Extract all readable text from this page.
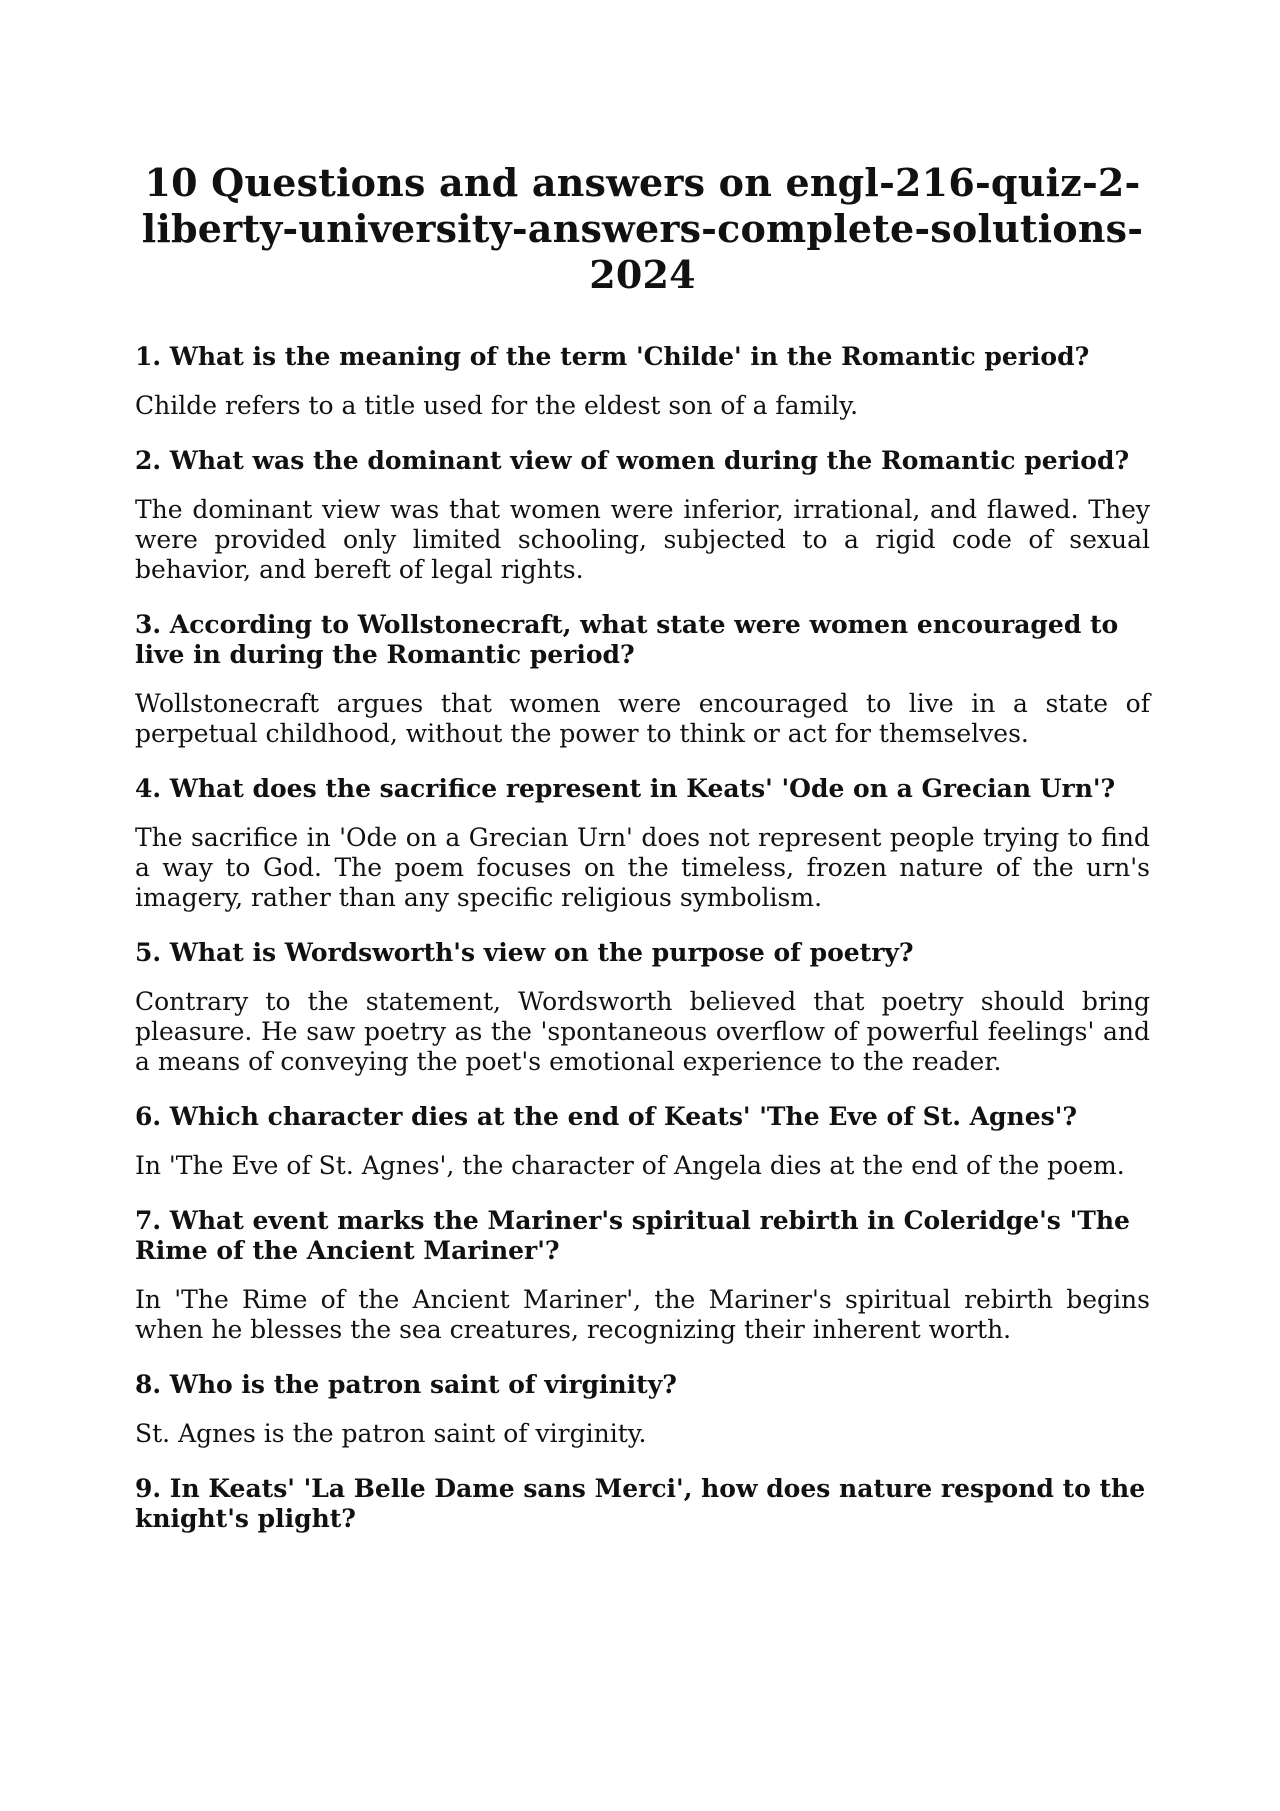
10 Questions and answers on engl-216-quiz-2-liberty-university-answers-complete-solutions-2024

1. What is the meaning of the term 'Childe' in the Romantic period?

Childe refers to a title used for the eldest son of a family.

2. What was the dominant view of women during the Romantic period?

The dominant view was that women were inferior, irrational, and flawed. They were provided only limited schooling, subjected to a rigid code of sexual behavior, and bereft of legal rights.

3. According to Wollstonecraft, what state were women encouraged to live in during the Romantic period?

Wollstonecraft argues that women were encouraged to live in a state of perpetual childhood, without the power to think or act for themselves.

4. What does the sacrifice represent in Keats' 'Ode on a Grecian Urn'?

The sacrifice in 'Ode on a Grecian Urn' does not represent people trying to find a way to God. The poem focuses on the timeless, frozen nature of the urn's imagery, rather than any specific religious symbolism.

5. What is Wordsworth's view on the purpose of poetry?

Contrary to the statement, Wordsworth believed that poetry should bring pleasure. He saw poetry as the 'spontaneous overflow of powerful feelings' and a means of conveying the poet's emotional experience to the reader.

6. Which character dies at the end of Keats' 'The Eve of St. Agnes'?

In 'The Eve of St. Agnes', the character of Angela dies at the end of the poem.

7. What event marks the Mariner's spiritual rebirth in Coleridge's 'The Rime of the Ancient Mariner'?

In 'The Rime of the Ancient Mariner', the Mariner's spiritual rebirth begins when he blesses the sea creatures, recognizing their inherent worth.

8. Who is the patron saint of virginity?

St. Agnes is the patron saint of virginity.

9. In Keats' 'La Belle Dame sans Merci', how does nature respond to the knight's plight?
